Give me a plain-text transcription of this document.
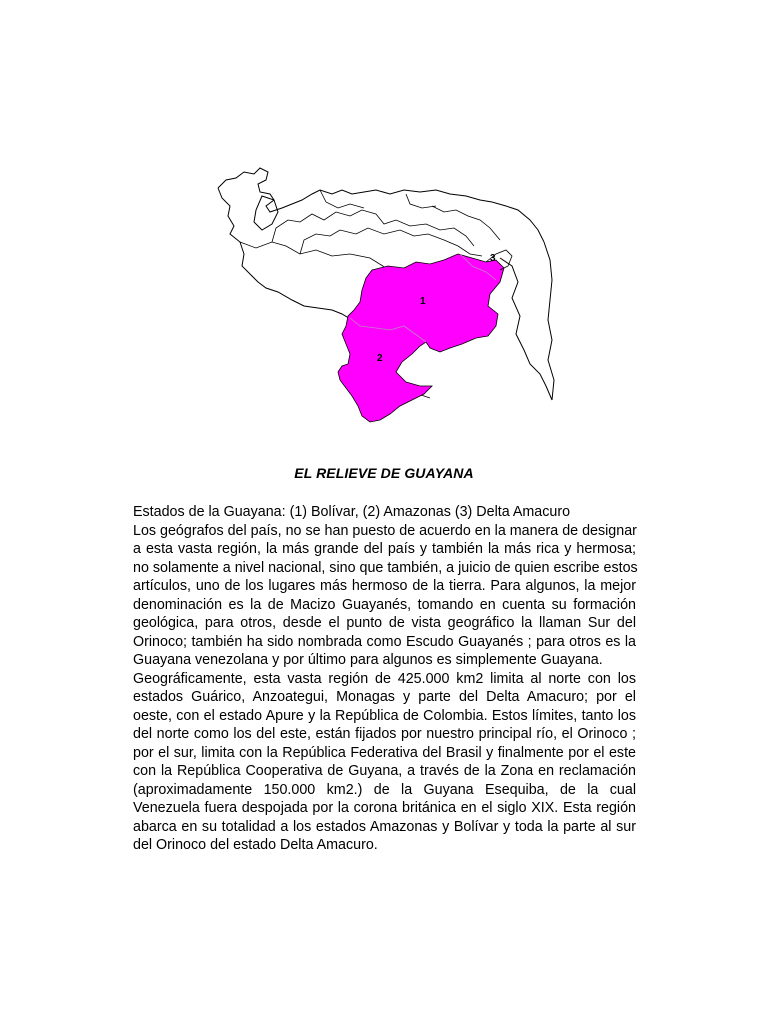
1
2
3
EL RELIEVE DE GUAYANA
Estados de la Guayana: (1) Bolívar, (2) Amazonas (3) Delta Amacuro
Los geógrafos del país, no se han puesto de acuerdo en la manera de designar
a esta vasta región, la más grande del país y también la más rica y hermosa;
no solamente a nivel nacional, sino que también, a juicio de quien escribe estos
artículos, uno de los lugares más hermoso de la tierra. Para algunos, la mejor
denominación es la de Macizo Guayanés, tomando en cuenta su formación
geológica, para otros, desde el punto de vista geográfico la llaman Sur del
Orinoco; también ha sido nombrada como Escudo Guayanés ; para otros es la
Guayana venezolana y por último para algunos es simplemente Guayana.
Geográficamente, esta vasta región de 425.000 km2 limita al norte con los
estados Guárico, Anzoategui, Monagas y parte del Delta Amacuro; por el
oeste, con el estado Apure y la República de Colombia. Estos límites, tanto los
del norte como los del este, están fijados por nuestro principal río, el Orinoco ;
por el sur, limita con la República Federativa del Brasil y finalmente por el este
con la República Cooperativa de Guyana, a través de la Zona en reclamación
(aproximadamente 150.000 km2.) de la Guyana Esequiba, de la cual
Venezuela fuera despojada por la corona británica en el siglo XIX. Esta región
abarca en su totalidad a los estados Amazonas y Bolívar y toda la parte al sur
del Orinoco del estado Delta Amacuro.
